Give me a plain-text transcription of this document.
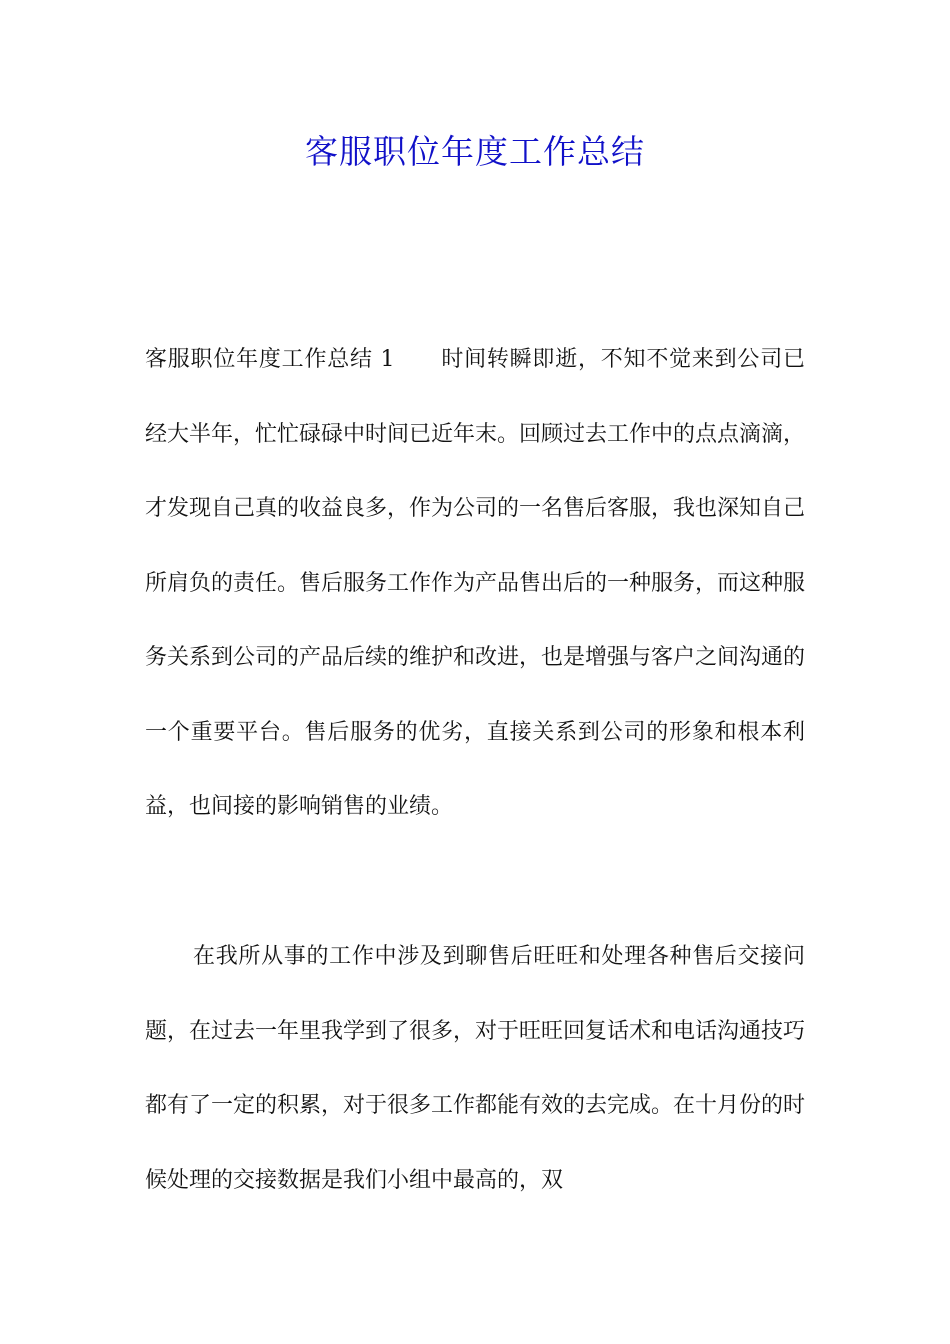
客服职位年度工作总结

客服职位年度工作总结 1 时间转瞬即逝，不知不觉来到公司已经大半年，忙忙碌碌中时间已近年末。回顾过去工作中的点点滴滴，才发现自己真的收益良多，作为公司的一名售后客服，我也深知自己所肩负的责任。售后服务工作作为产品售出后的一种服务，而这种服务关系到公司的产品后续的维护和改进，也是增强与客户之间沟通的一个重要平台。售后服务的优劣，直接关系到公司的形象和根本利益，也间接的影响销售的业绩。

在我所从事的工作中涉及到聊售后旺旺和处理各种售后交接问题，在过去一年里我学到了很多，对于旺旺回复话术和电话沟通技巧都有了一定的积累，对于很多工作都能有效的去完成。在十月份的时候处理的交接数据是我们小组中最高的，双
